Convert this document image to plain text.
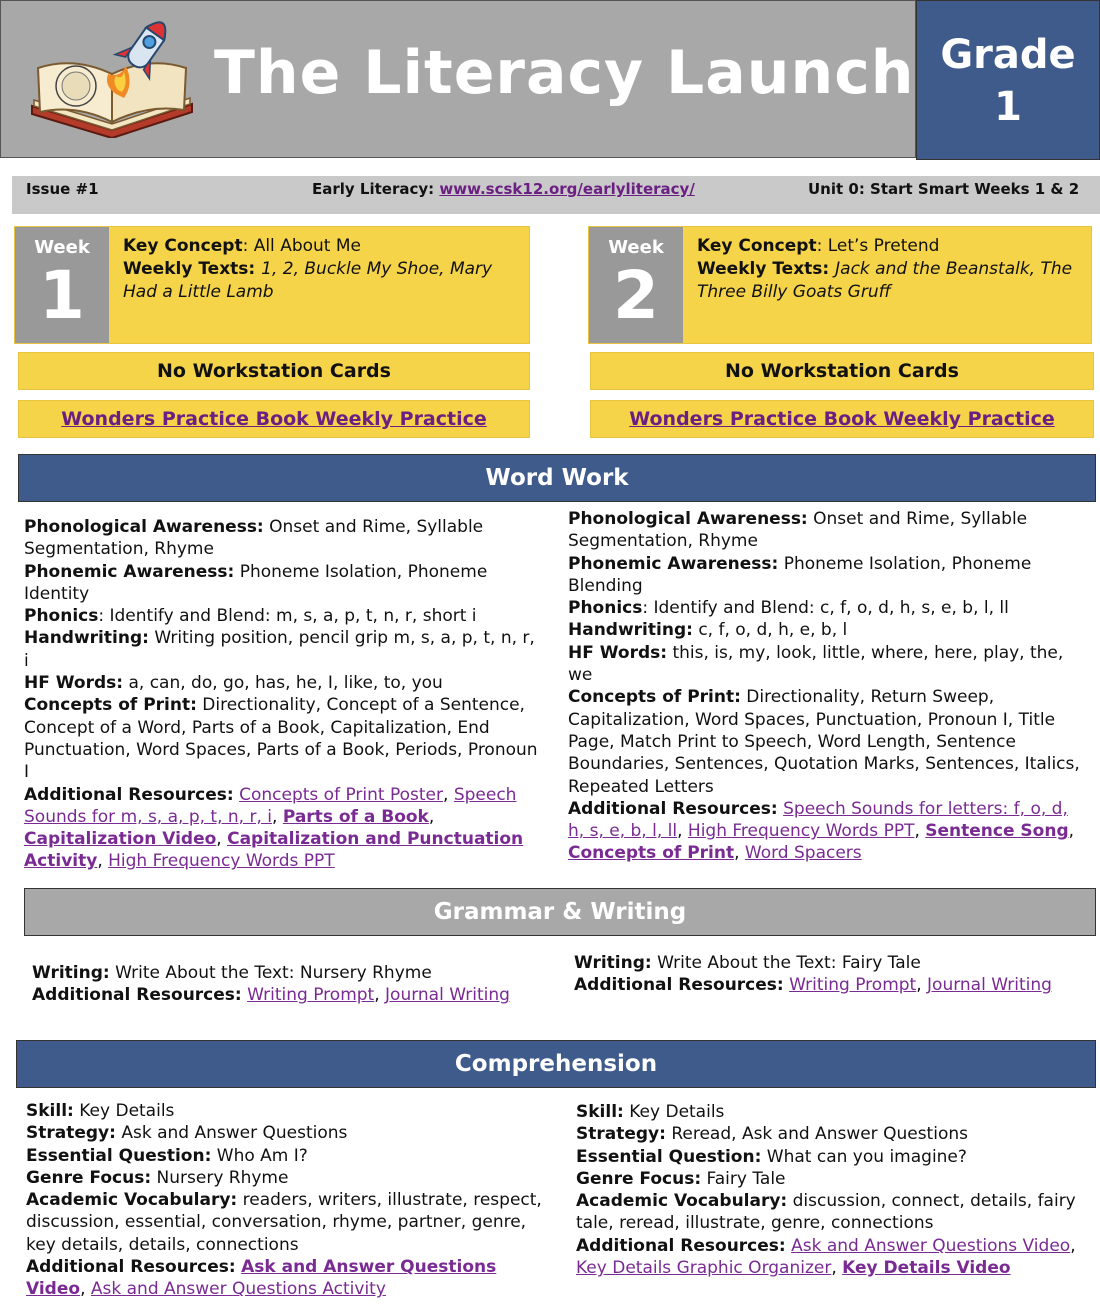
The Literacy Launch Grade
1
Issue #1	Early Literacy: www.scsk12.org/earlyliteracy/	Unit 0: Start Smart Weeks 1 & 2
Week
1
Key Concept: All About Me
Weekly Texts: 1, 2, Buckle My Shoe, Mary Had a Little Lamb
No Workstation Cards
Wonders Practice Book Weekly Practice
Week
2
Key Concept: Let’s Pretend
Weekly Texts: Jack and the Beanstalk, The Three Billy Goats Gruff
No Workstation Cards
Wonders Practice Book Weekly Practice
Word Work

Phonological Awareness: Onset and Rime, Syllable Segmentation, Rhyme

Phonemic Awareness: Phoneme Isolation, Phoneme Identity

Phonics: Identify and Blend: m, s, a, p, t, n, r, short i

Handwriting: Writing position, pencil grip m, s, a, p, t, n, r, i

HF Words: a, can, do, go, has, he, I, like, to, you

Concepts of Print: Directionality, Concept of a Sentence, Concept of a Word, Parts of a Book, Capitalization, End Punctuation, Word Spaces, Parts of a Book, Periods, Pronoun I

Additional Resources: Concepts of Print Poster, Speech Sounds for m, s, a, p, t, n, r, i, Parts of a Book, Capitalization Video, Capitalization and Punctuation Activity, High Frequency Words PPT

Phonological Awareness: Onset and Rime, Syllable Segmentation, Rhyme

Phonemic Awareness: Phoneme Isolation, Phoneme Blending

Phonics: Identify and Blend: c, f, o, d, h, s, e, b, l, ll

Handwriting: c, f, o, d, h, e, b, l

HF Words: this, is, my, look, little, where, here, play, the, we

Concepts of Print: Directionality, Return Sweep, Capitalization, Word Spaces, Punctuation, Pronoun I, Title Page, Match Print to Speech, Word Length, Sentence Boundaries, Sentences, Quotation Marks, Sentences, Italics, Repeated Letters

Additional Resources: Speech Sounds for letters: f, o, d, h, s, e, b, l, ll, High Frequency Words PPT, Sentence Song, Concepts of Print, Word Spacers

Grammar & Writing

Writing: Write About the Text: Nursery Rhyme

Additional Resources: Writing Prompt, Journal Writing

Writing: Write About the Text: Fairy Tale

Additional Resources: Writing Prompt, Journal Writing

Comprehension

Skill: Key Details

Strategy: Ask and Answer Questions

Essential Question: Who Am I?

Genre Focus: Nursery Rhyme

Academic Vocabulary: readers, writers, illustrate, respect, discussion, essential, conversation, rhyme, partner, genre, key details, details, connections

Additional Resources: Ask and Answer Questions Video, Ask and Answer Questions Activity

Skill: Key Details

Strategy: Reread, Ask and Answer Questions

Essential Question: What can you imagine?

Genre Focus: Fairy Tale

Academic Vocabulary: discussion, connect, details, fairy tale, reread, illustrate, genre, connections

Additional Resources: Ask and Answer Questions Video, Key Details Graphic Organizer, Key Details Video
